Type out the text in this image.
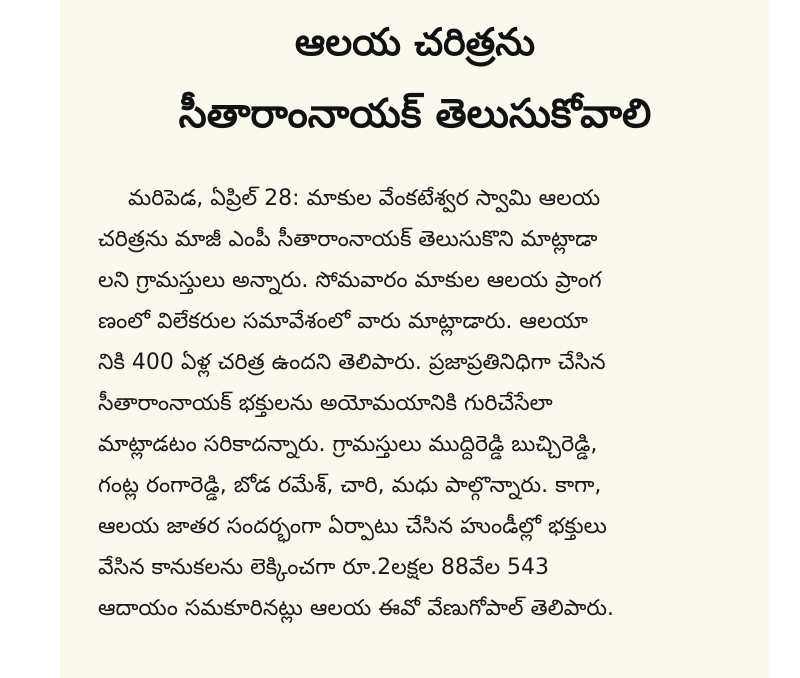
ఆలయ చరిత్రను
సీతారాంనాయక్ తెలుసుకోవాలి
మరిపెడ, ఏప్రిల్ 28: మాకుల వేంకటేశ్వర స్వామి ఆలయ
చరిత్రను మాజీ ఎంపీ సీతారాంనాయక్ తెలుసుకొని మాట్లాడా
లని గ్రామస్తులు అన్నారు. సోమవారం మాకుల ఆలయ ప్రాంగ
ణంలో విలేకరుల సమావేశంలో వారు మాట్లాడారు. ఆలయా
నికి 400 ఏళ్ల చరిత్ర ఉందని తెలిపారు. ప్రజాప్రతినిధిగా చేసిన
సీతారాంనాయక్ భక్తులను అయోమయానికి గురిచేసేలా
మాట్లాడటం సరికాదన్నారు. గ్రామస్తులు ముద్దిరెడ్డి బుచ్చిరెడ్డి,
గంట్ల రంగారెడ్డి, బోడ రమేశ్, చారి, మధు పాల్గొన్నారు. కాగా,
ఆలయ జాతర సందర్భంగా ఏర్పాటు చేసిన హుండీల్లో భక్తులు
వేసిన కానుకలను లెక్కించగా రూ.2లక్షల 88వేల 543
ఆదాయం సమకూరినట్లు ఆలయ ఈవో వేణుగోపాల్ తెలిపారు.
